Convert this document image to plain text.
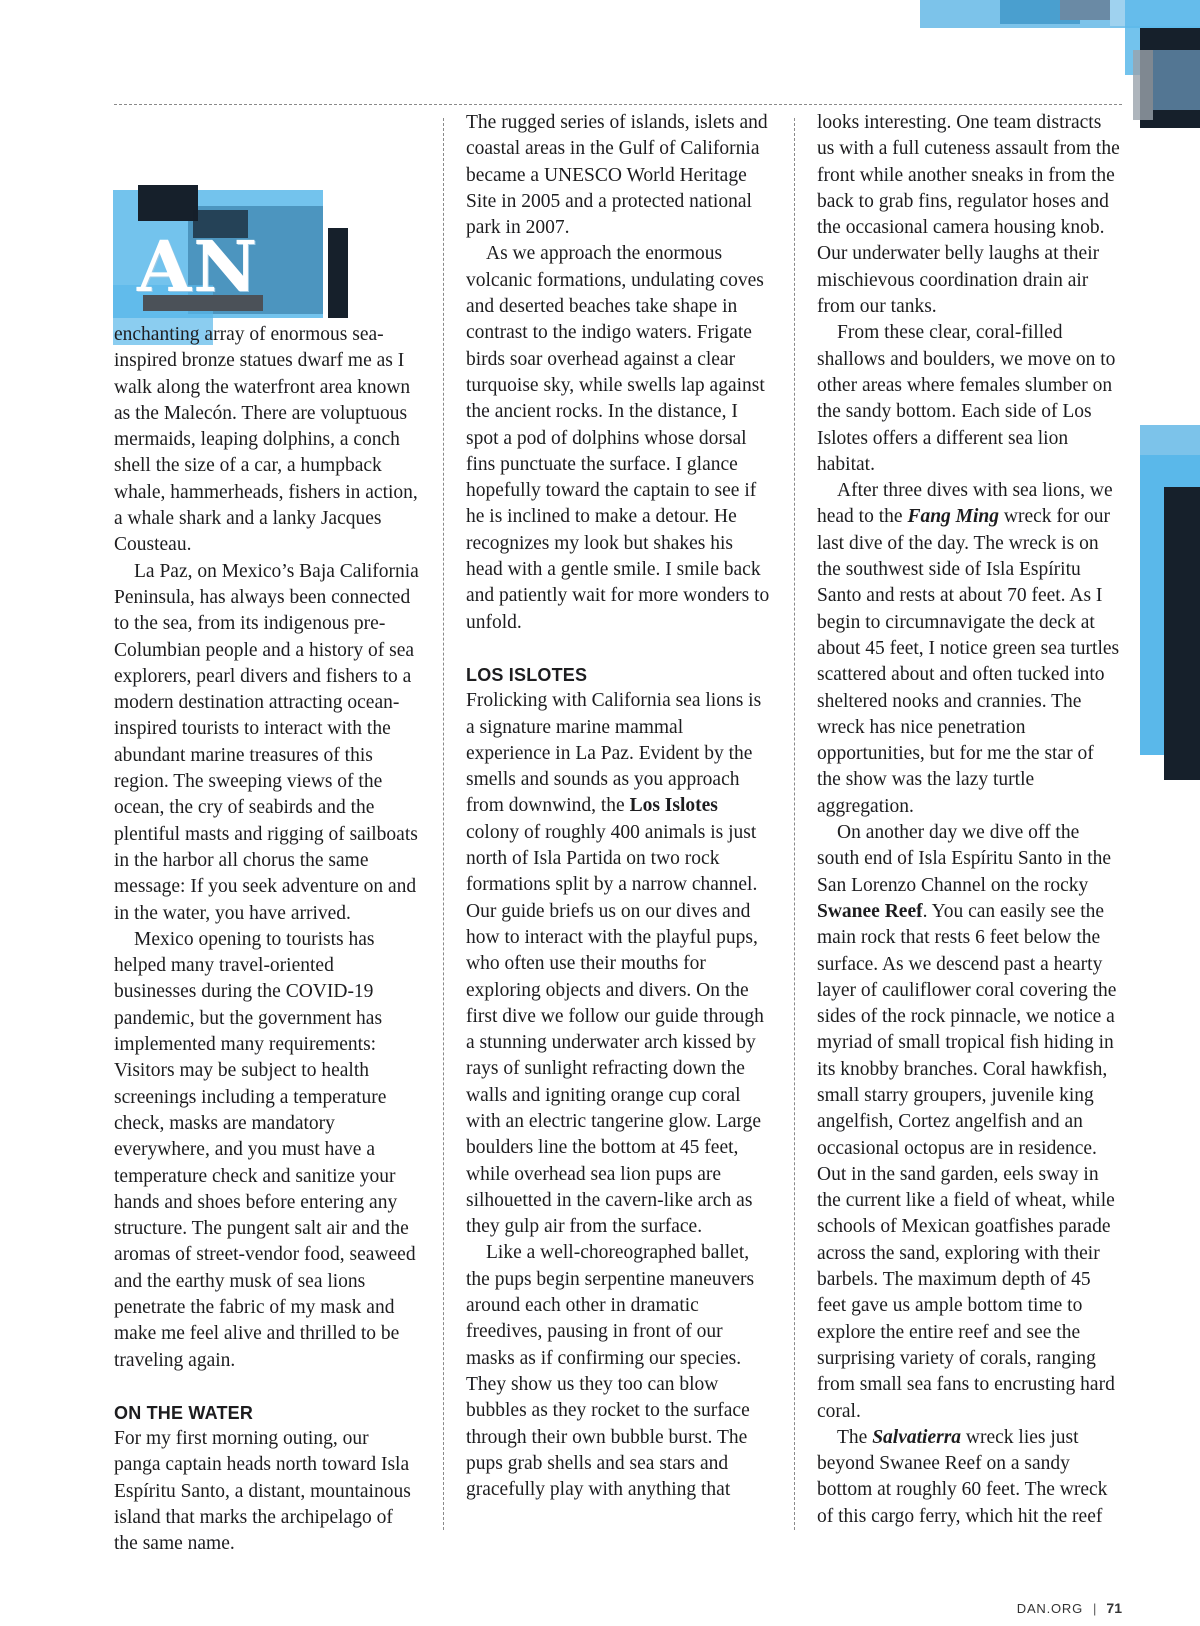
AN

enchanting array of enormous sea-inspired bronze statues dwarf me as I walk along the waterfront area known as the Malecón. There are voluptuous mermaids, leaping dolphins, a conch shell the size of a car, a humpback whale, hammerheads, fishers in action, a whale shark and a lanky Jacques Cousteau.

La Paz, on Mexico’s Baja California Peninsula, has always been connected to the sea, from its indigenous pre-Columbian people and a history of sea explorers, pearl divers and fishers to a modern destination attracting ocean-inspired tourists to interact with the abundant marine treasures of this region. The sweeping views of the ocean, the cry of seabirds and the plentiful masts and rigging of sailboats in the harbor all chorus the same message: If you seek adventure on and in the water, you have arrived.

Mexico opening to tourists has helped many travel-oriented businesses during the COVID-19 pandemic, but the government has implemented many requirements: Visitors may be subject to health screenings including a temperature check, masks are mandatory everywhere, and you must have a temperature check and sanitize your hands and shoes before entering any structure. The pungent salt air and the aromas of street-vendor food, seaweed and the earthy musk of sea lions penetrate the fabric of my mask and make me feel alive and thrilled to be traveling again.

ON THE WATER

For my first morning outing, our panga captain heads north toward Isla Espíritu Santo, a distant, mountainous island that marks the archipelago of the same name.

The rugged series of islands, islets and coastal areas in the Gulf of California became a UNESCO World Heritage Site in 2005 and a protected national park in 2007.

As we approach the enormous volcanic formations, undulating coves and deserted beaches take shape in contrast to the indigo waters. Frigate birds soar overhead against a clear turquoise sky, while swells lap against the ancient rocks. In the distance, I spot a pod of dolphins whose dorsal fins punctuate the surface. I glance hopefully toward the captain to see if he is inclined to make a detour. He recognizes my look but shakes his head with a gentle smile. I smile back and patiently wait for more wonders to unfold.

LOS ISLOTES

Frolicking with California sea lions is a signature marine mammal experience in La Paz. Evident by the smells and sounds as you approach from downwind, the Los Islotes colony of roughly 400 animals is just north of Isla Partida on two rock formations split by a narrow channel. Our guide briefs us on our dives and how to interact with the playful pups, who often use their mouths for exploring objects and divers. On the first dive we follow our guide through a stunning underwater arch kissed by rays of sunlight refracting down the walls and igniting orange cup coral with an electric tangerine glow. Large boulders line the bottom at 45 feet, while overhead sea lion pups are silhouetted in the cavern-like arch as they gulp air from the surface.

Like a well-choreographed ballet, the pups begin serpentine maneuvers around each other in dramatic freedives, pausing in front of our masks as if confirming our species. They show us they too can blow bubbles as they rocket to the surface through their own bubble burst. The pups grab shells and sea stars and gracefully play with anything that

looks interesting. One team distracts us with a full cuteness assault from the front while another sneaks in from the back to grab fins, regulator hoses and the occasional camera housing knob. Our underwater belly laughs at their mischievous coordination drain air from our tanks.

From these clear, coral-filled shallows and boulders, we move on to other areas where females slumber on the sandy bottom. Each side of Los Islotes offers a different sea lion habitat.

After three dives with sea lions, we head to the Fang Ming wreck for our last dive of the day. The wreck is on the southwest side of Isla Espíritu Santo and rests at about 70 feet. As I begin to circumnavigate the deck at about 45 feet, I notice green sea turtles scattered about and often tucked into sheltered nooks and crannies. The wreck has nice penetration opportunities, but for me the star of the show was the lazy turtle aggregation.

On another day we dive off the south end of Isla Espíritu Santo in the San Lorenzo Channel on the rocky Swanee Reef. You can easily see the main rock that rests 6 feet below the surface. As we descend past a hearty layer of cauliflower coral covering the sides of the rock pinnacle, we notice a myriad of small tropical fish hiding in its knobby branches. Coral hawkfish, small starry groupers, juvenile king angelfish, Cortez angelfish and an occasional octopus are in residence. Out in the sand garden, eels sway in the current like a field of wheat, while schools of Mexican goatfishes parade across the sand, exploring with their barbels. The maximum depth of 45 feet gave us ample bottom time to explore the entire reef and see the surprising variety of corals, ranging from small sea fans to encrusting hard coral.

The Salvatierra wreck lies just beyond Swanee Reef on a sandy bottom at roughly 60 feet. The wreck of this cargo ferry, which hit the reef

DAN.ORG | 71
